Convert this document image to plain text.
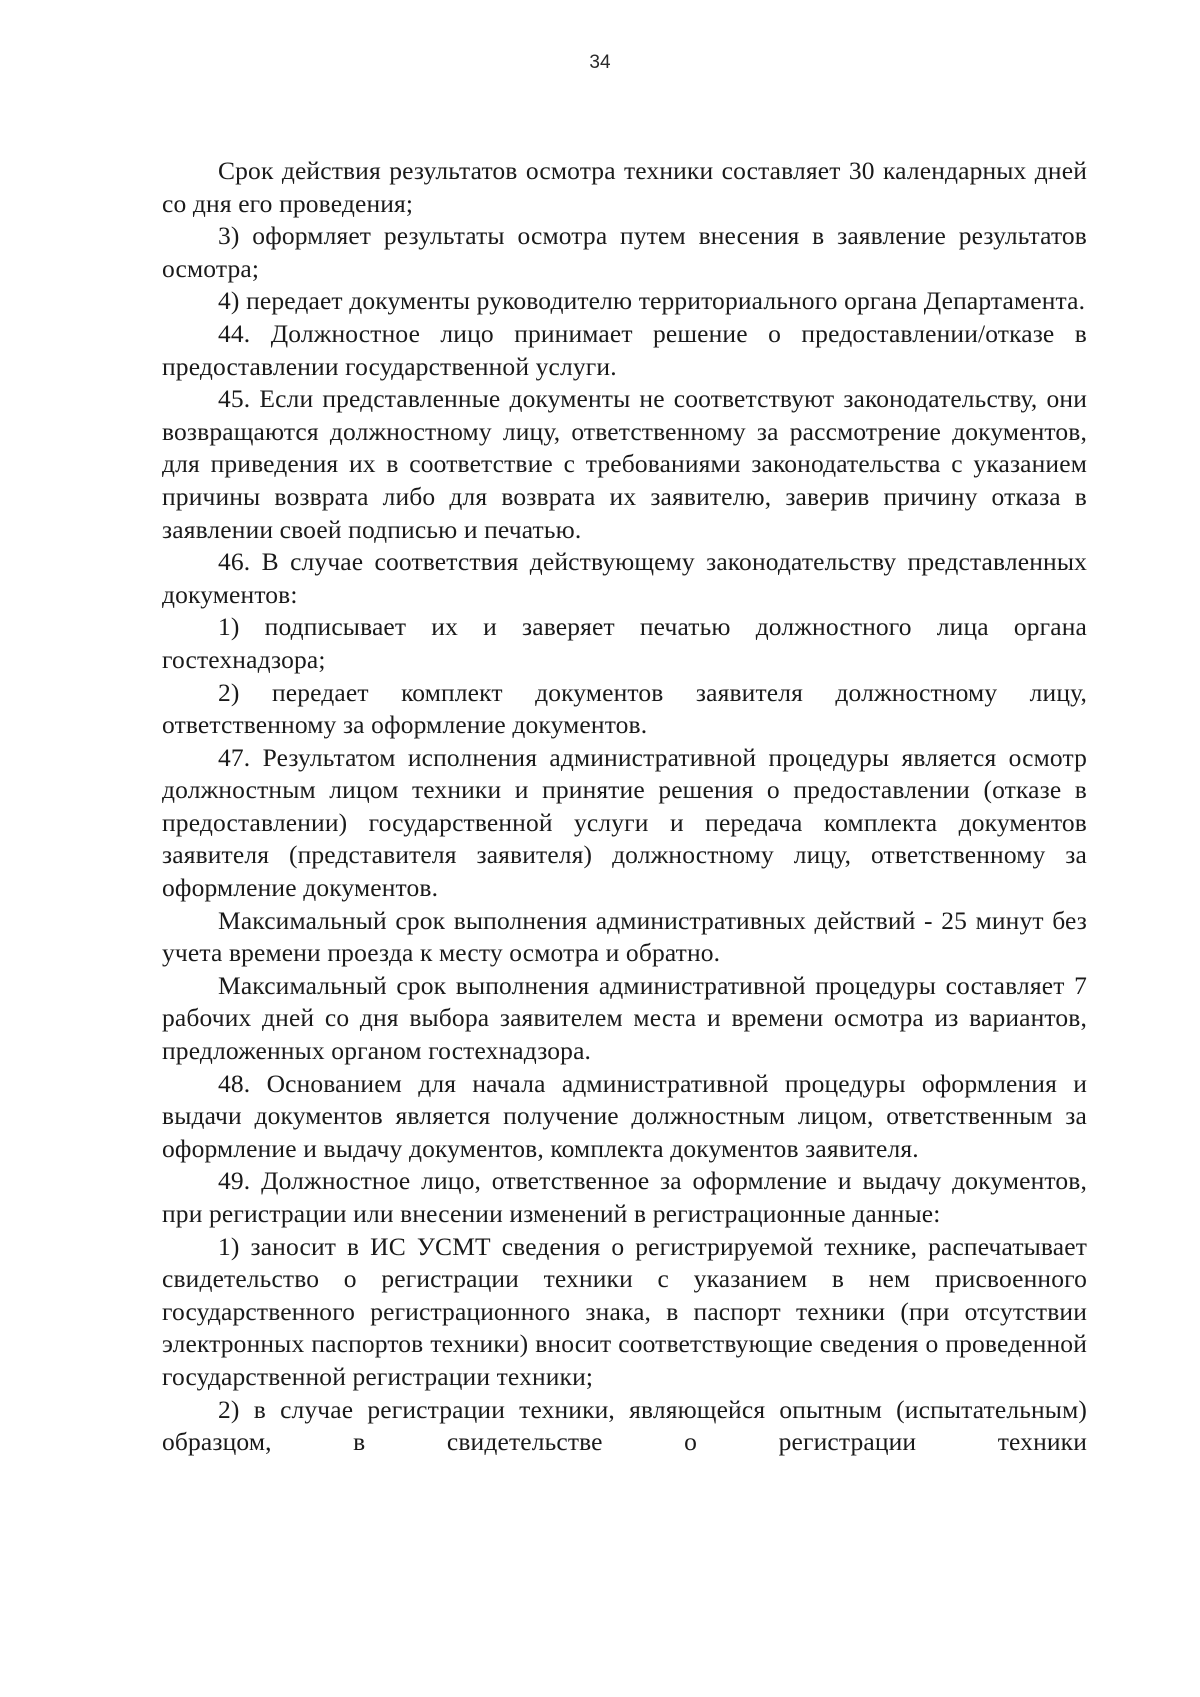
34

Срок действия результатов осмотра техники составляет 30 календарных дней со дня его проведения;

3) оформляет результаты осмотра путем внесения в заявление результатов осмотра;

4) передает документы руководителю территориального органа Департамента.

44. Должностное лицо принимает решение о предоставлении/отказе в предоставлении государственной услуги.

45. Если представленные документы не соответствуют законодательству, они возвращаются должностному лицу, ответственному за рассмотрение документов, для приведения их в соответствие с требованиями законодательства с указанием причины возврата либо для возврата их заявителю, заверив причину отказа в заявлении своей подписью и печатью.

46. В случае соответствия действующему законодательству представленных документов:

1) подписывает их и заверяет печатью должностного лица органа гостехнадзора;

2) передает комплект документов заявителя должностному лицу, ответственному за оформление документов.

47. Результатом исполнения административной процедуры является осмотр должностным лицом техники и принятие решения о предоставлении (отказе в предоставлении) государственной услуги и передача комплекта документов заявителя (представителя заявителя) должностному лицу, ответственному за оформление документов.

Максимальный срок выполнения административных действий - 25 минут без учета времени проезда к месту осмотра и обратно.

Максимальный срок выполнения административной процедуры составляет 7 рабочих дней со дня выбора заявителем места и времени осмотра из вариантов, предложенных органом гостехнадзора.

48. Основанием для начала административной процедуры оформления и выдачи документов является получение должностным лицом, ответственным за оформление и выдачу документов, комплекта документов заявителя.

49. Должностное лицо, ответственное за оформление и выдачу документов, при регистрации или внесении изменений в регистрационные данные:

1) заносит в ИС УСМТ сведения о регистрируемой технике, распечатывает свидетельство о регистрации техники с указанием в нем присвоенного государственного регистрационного знака, в паспорт техники (при отсутствии электронных паспортов техники) вносит соответствующие сведения о проведенной государственной регистрации техники;

2) в случае регистрации техники, являющейся опытным (испытательным) образцом, в свидетельстве о регистрации техники
